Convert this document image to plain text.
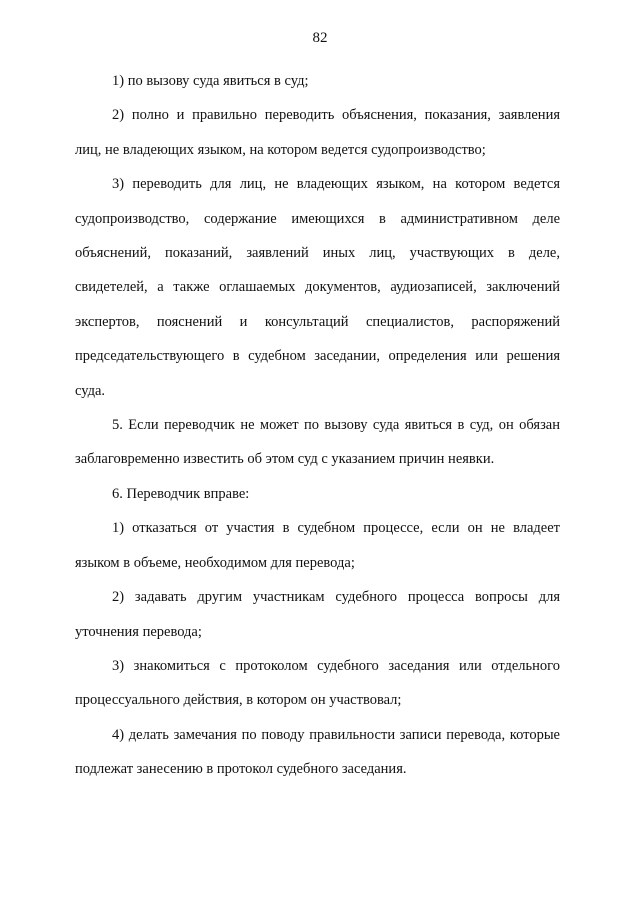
82

1) по вызову суда явиться в суд;

2) полно и правильно переводить объяснения, показания, заявления лиц, не владеющих языком, на котором ведется судопроизводство;

3) переводить для лиц, не владеющих языком, на котором ведется судопроизводство, содержание имеющихся в административном деле объяснений, показаний, заявлений иных лиц, участвующих в деле, свидетелей, а также оглашаемых документов, аудиозаписей, заключений экспертов, пояснений и консультаций специалистов, распоряжений председательствующего в судебном заседании, определения или решения суда.

5. Если переводчик не может по вызову суда явиться в суд, он обязан заблаговременно известить об этом суд с указанием причин неявки.

6. Переводчик вправе:

1) отказаться от участия в судебном процессе, если он не владеет языком в объеме, необходимом для перевода;

2) задавать другим участникам судебного процесса вопросы для уточнения перевода;

3) знакомиться с протоколом судебного заседания или отдельного процессуального действия, в котором он участвовал;

4) делать замечания по поводу правильности записи перевода, которые подлежат занесению в протокол судебного заседания.
